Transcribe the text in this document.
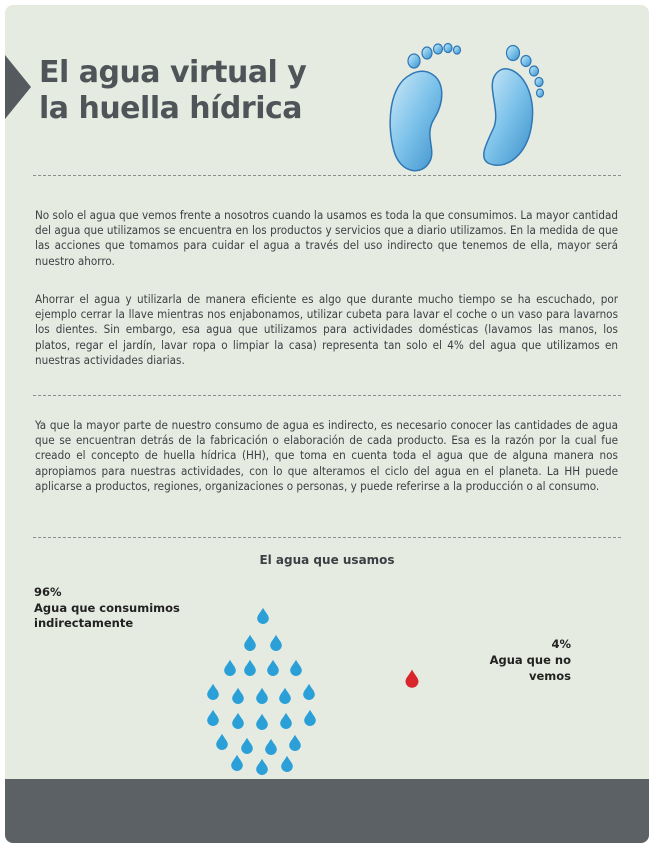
El agua virtual y
la huella hídrica

No solo el agua que vemos frente a nosotros cuando la usamos es toda la que consumimos. La mayor cantidad del agua que utilizamos se encuentra en los productos y servicios que a diario utilizamos. En la medida de que las acciones que tomamos para cuidar el agua a través del uso indirecto que tenemos de ella, mayor será nuestro ahorro.

Ahorrar el agua y utilizarla de manera eficiente es algo que durante mucho tiempo se ha escuchado, por ejemplo cerrar la llave mientras nos enjabonamos, utilizar cubeta para lavar el coche o un vaso para lavarnos los dientes. Sin embargo, esa agua que utilizamos para actividades domésticas (lavamos las manos, los platos, regar el jardín, lavar ropa o limpiar la casa) representa tan solo el 4% del agua que utilizamos en nuestras actividades diarias.

Ya que la mayor parte de nuestro consumo de agua es indirecto, es necesario conocer las cantidades de agua que se encuentran detrás de la fabricación o elaboración de cada producto. Esa es la razón por la cual fue creado el concepto de huella hídrica (HH), que toma en cuenta toda el agua que de alguna manera nos apropiamos para nuestras actividades, con lo que alteramos el ciclo del agua en el planeta. La HH puede aplicarse a productos, regiones, organizaciones o personas, y puede referirse a la producción o al consumo.

El agua que usamos

96%

Agua que consumimos

indirectamente

4%

Agua que no

vemos
